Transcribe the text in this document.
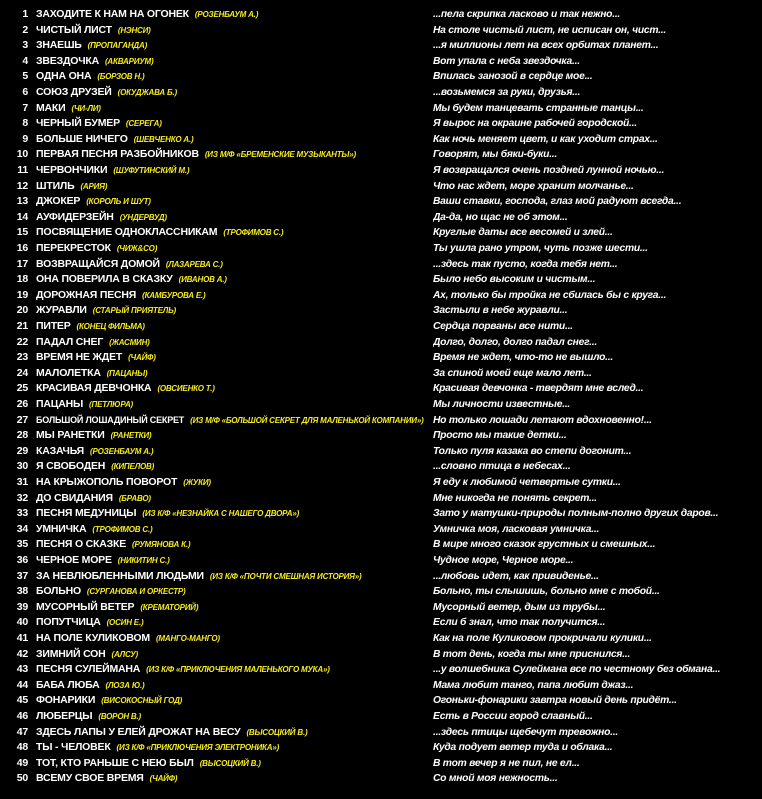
1 ЗАХОДИТЕ К НАМ НА ОГОНЕК (РОЗЕНБАУМ А.)	...пела скрипка ласково и так нежно...
2 ЧИСТЫЙ ЛИСТ (НЭНСИ)	На столе чистый лист, не исписан он, чист...
3 ЗНАЕШЬ (ПРОПАГАНДА)	...я миллионы лет на всех орбитах планет...
4 ЗВЕЗДОЧКА (АКВАРИУМ)	Вот упала с неба звездочка...
5 ОДНА ОНА (БОРЗОВ Н.)	Впилась занозой в сердце мое...
6 СОЮЗ ДРУЗЕЙ (ОКУДЖАВА Б.)	...возьмемся за руки, друзья...
7 МАКИ (ЧИ-ЛИ)	Мы будем танцевать странные танцы...
8 ЧЕРНЫЙ БУМЕР (СЕРЕГА)	Я вырос на окраине рабочей городской...
9 БОЛЬШЕ НИЧЕГО (ШЕВЧЕНКО А.)	Как ночь меняет цвет, и как уходит страх...
10 ПЕРВАЯ ПЕСНЯ РАЗБОЙНИКОВ (ИЗ М/Ф «БРЕМЕНСКИЕ МУЗЫКАНТЫ»)	Говорят, мы бяки-буки...
11 ЧЕРВОНЧИКИ (ШУФУТИНСКИЙ М.)	Я возвращался очень поздней лунной ночью...
12 ШТИЛЬ (АРИЯ)	Что нас ждет, море хранит молчанье...
13 ДЖОКЕР (КОРОЛЬ И ШУТ)	Ваши ставки, господа, глаз мой радуют всегда...
14 АУФИДЕРЗЕЙН (УНДЕРВУД)	Да-да, но щас не об этом...
15 ПОСВЯЩЕНИЕ ОДНОКЛАССНИКАМ (ТРОФИМОВ С.)	Круглые даты все весомей и злей...
16 ПЕРЕКРЕСТОК (ЧИЖ&CO)	Ты ушла рано утром, чуть позже шести...
17 ВОЗВРАЩАЙСЯ ДОМОЙ (ЛАЗАРЕВА С.)	...здесь так пусто, когда тебя нет...
18 ОНА ПОВЕРИЛА В СКАЗКУ (ИВАНОВ А.)	Было небо высоким и чистым...
19 ДОРОЖНАЯ ПЕСНЯ (КАМБУРОВА Е.)	Ах, только бы тройка не сбилась бы с круга...
20 ЖУРАВЛИ (СТАРЫЙ ПРИЯТЕЛЬ)	Застыли в небе журавли...
21 ПИТЕР (КОНЕЦ ФИЛЬМА)	Сердца порваны все нити...
22 ПАДАЛ СНЕГ (ЖАСМИН)	Долго, долго, долго падал снег...
23 ВРЕМЯ НЕ ЖДЕТ (ЧАЙФ)	Время не ждет, что-то не вышло...
24 МАЛОЛЕТКА (ПАЦАНЫ)	За спиной моей еще мало лет...
25 КРАСИВАЯ ДЕВЧОНКА (ОВСИЕНКО Т.)	Красивая девчонка - твердят мне вслед...
26 ПАЦАНЫ (ПЕТЛЮРА)	Мы личности известные...
27 БОЛЬШОЙ ЛОШАДИНЫЙ СЕКРЕТ (ИЗ М/Ф «БОЛЬШОЙ СЕКРЕТ ДЛЯ МАЛЕНЬКОЙ КОМПАНИИ») Но только лошади летают вдохновенно!...
28 МЫ РАНЕТКИ (РАНЕТКИ)	Просто мы такие детки...
29 КАЗАЧЬЯ (РОЗЕНБАУМ А.)	Только пуля казака во степи догонит...
30 Я СВОБОДЕН (КИПЕЛОВ)	...словно птица в небесах...
31 НА КРЫЖОПОЛЬ ПОВОРОТ (ЖУКИ)	Я еду к любимой четвертые сутки...
32 ДО СВИДАНИЯ (БРАВО)	Мне никогда не понять секрет...
33 ПЕСНЯ МЕДУНИЦЫ (ИЗ К/Ф «НЕЗНАЙКА С НАШЕГО ДВОРА»)	Зато у матушки-природы полным-полно других даров...
34 УМНИЧКА (ТРОФИМОВ С.)	Умничка моя, ласковая умничка...
35 ПЕСНЯ О СКАЗКЕ (РУМЯНОВА К.)	В мире много сказок грустных и смешных...
36 ЧЕРНОЕ МОРЕ (НИКИТИН С.)	Чудное море, Черное море...
37 ЗА НЕВЛЮБЛЕННЫМИ ЛЮДЬМИ (ИЗ К/Ф «ПОЧТИ СМЕШНАЯ ИСТОРИЯ»)	...любовь идет, как привиденье...
38 БОЛЬНО (СУРГАНОВА И ОРКЕСТР)	Больно, ты слышишь, больно мне с тобой...
39 МУСОРНЫЙ ВЕТЕР (КРЕМАТОРИЙ)	Мусорный ветер, дым из трубы...
40 ПОПУТЧИЦА (ОСИН Е.)	Если б знал, что так получится...
41 НА ПОЛЕ КУЛИКОВОМ (МАНГО-МАНГО)	Как на поле Куликовом прокричали кулики...
42 ЗИМНИЙ СОН (АЛСУ)	В тот день, когда ты мне приснился...
43 ПЕСНЯ СУЛЕЙМАНА (ИЗ К/Ф «ПРИКЛЮЧЕНИЯ МАЛЕНЬКОГО МУКА»)	...у волшебника Сулеймана все по честному без обмана...
44 БАБА ЛЮБА (ЛОЗА Ю.)	Мама любит танго, папа любит джаз...
45 ФОНАРИКИ (ВИСОКОСНЫЙ ГОД)	Огоньки-фонарики завтра новый день придёт...
46 ЛЮБЕРЦЫ (ВОРОН В.)	Есть в России город славный...
47 ЗДЕСЬ ЛАПЫ У ЕЛЕЙ ДРОЖАТ НА ВЕСУ (ВЫСОЦКИЙ В.)	...здесь птицы щебечут тревожно...
48 ТЫ - ЧЕЛОВЕК (ИЗ К/Ф «ПРИКЛЮЧЕНИЯ ЭЛЕКТРОНИКА»)	Куда подует ветер туда и облака...
49 ТОТ, КТО РАНЬШЕ С НЕЮ БЫЛ (ВЫСОЦКИЙ В.)	В тот вечер я не пил, не ел...
50 ВСЕМУ СВОЕ ВРЕМЯ (ЧАЙФ)	Со мной моя нежность...
